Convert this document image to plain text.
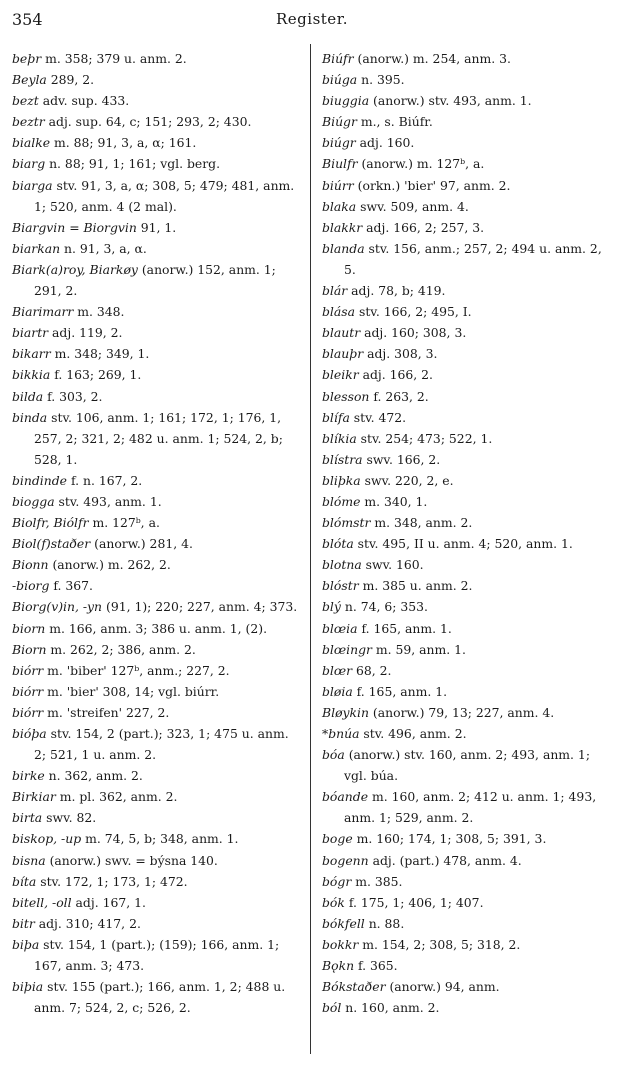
354	Register.

beþr m. 358; 379 u. anm. 2.

Beyla 289, 2.

bezt adv. sup. 433.

beztr adj. sup. 64, c; 151; 293, 2; 430.

bialke m. 88; 91, 3, a, α; 161.

biarg n. 88; 91, 1; 161; vgl. berg.

biarga stv. 91, 3, a, α; 308, 5; 479; 481, anm. 1; 520, anm. 4 (2 mal).

Biargvin = Biorgvin 91, 1.

biarkan n. 91, 3, a, α.

Biark(a)roy, Biarkøy (anorw.) 152, anm. 1; 291, 2.

Biarimarr m. 348.

biartr adj. 119, 2.

bikarr m. 348; 349, 1.

bikkia f. 163; 269, 1.

bilda f. 303, 2.

binda stv. 106, anm. 1; 161; 172, 1; 176, 1, 257, 2; 321, 2; 482 u. anm. 1; 524, 2, b; 528, 1.

bindinde f. n. 167, 2.

biogga stv. 493, anm. 1.

Biolfr, Biólfr m. 127ᵇ, a.

Biol(f)staðer (anorw.) 281, 4.

Bionn (anorw.) m. 262, 2.

-biorg f. 367.

Biorg(v)in, -yn (91, 1); 220; 227, anm. 4; 373.

biorn m. 166, anm. 3; 386 u. anm. 1, (2).

Biorn m. 262, 2; 386, anm. 2.

biórr m. 'biber' 127ᵇ, anm.; 227, 2.

biórr m. 'bier' 308, 14; vgl. biúrr.

biórr m. 'streifen' 227, 2.

bióþa stv. 154, 2 (part.); 323, 1; 475 u. anm. 2; 521, 1 u. anm. 2.

birke n. 362, anm. 2.

Birkiar m. pl. 362, anm. 2.

birta swv. 82.

biskop, -up m. 74, 5, b; 348, anm. 1.

bisna (anorw.) swv. = býsna 140.

bíta stv. 172, 1; 173, 1; 472.

bitell, -oll adj. 167, 1.

bitr adj. 310; 417, 2.

biþa stv. 154, 1 (part.); (159); 166, anm. 1; 167, anm. 3; 473.

biþia stv. 155 (part.); 166, anm. 1, 2; 488 u. anm. 7; 524, 2, c; 526, 2.

Biúfr (anorw.) m. 254, anm. 3.

biúga n. 395.

biuggia (anorw.) stv. 493, anm. 1.

Biúgr m., s. Biúfr.

biúgr adj. 160.

Biulfr (anorw.) m. 127ᵇ, a.

biúrr (orkn.) 'bier' 97, anm. 2.

blaka swv. 509, anm. 4.

blakkr adj. 166, 2; 257, 3.

blanda stv. 156, anm.; 257, 2; 494 u. anm. 2, 5.

blár adj. 78, b; 419.

blása stv. 166, 2; 495, I.

blautr adj. 160; 308, 3.

blauþr adj. 308, 3.

bleikr adj. 166, 2.

blesson f. 263, 2.

blífa stv. 472.

blíkia stv. 254; 473; 522, 1.

blístra swv. 166, 2.

bliþka swv. 220, 2, e.

blóme m. 340, 1.

blómstr m. 348, anm. 2.

blóta stv. 495, II u. anm. 4; 520, anm. 1.

blotna swv. 160.

blóstr m. 385 u. anm. 2.

blý n. 74, 6; 353.

blœia f. 165, anm. 1.

blœingr m. 59, anm. 1.

blœr 68, 2.

bløia f. 165, anm. 1.

Bløykin (anorw.) 79, 13; 227, anm. 4.

*bnúa stv. 496, anm. 2.

bóa (anorw.) stv. 160, anm. 2; 493, anm. 1; vgl. búa.

bóande m. 160, anm. 2; 412 u. anm. 1; 493, anm. 1; 529, anm. 2.

boge m. 160; 174, 1; 308, 5; 391, 3.

bogenn adj. (part.) 478, anm. 4.

bógr m. 385.

bók f. 175, 1; 406, 1; 407.

bókfell n. 88.

bokkr m. 154, 2; 308, 5; 318, 2.

Bǫkn f. 365.

Bókstaðer (anorw.) 94, anm.

ból n. 160, anm. 2.
